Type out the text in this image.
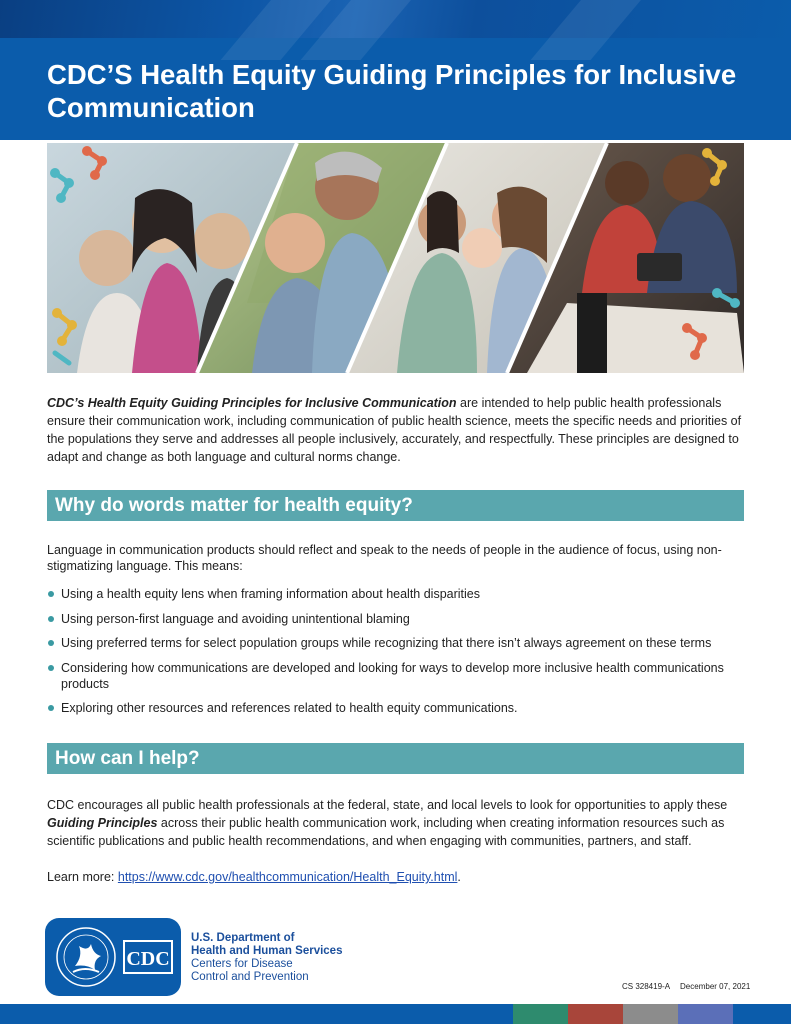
CDC’S Health Equity Guiding Principles for Inclusive Communication

CDC’s Health Equity Guiding Principles for Inclusive Communication are intended to help public health professionals ensure their communication work, including communication of public health science, meets the specific needs and priorities of the populations they serve and addresses all people inclusively, accurately, and respectfully. These principles are designed to adapt and change as both language and cultural norms change.

Why do words matter for health equity?

Language in communication products should reflect and speak to the needs of people in the audience of focus, using non-stigmatizing language. This means:

Using a health equity lens when framing information about health disparities
Using person-first language and avoiding unintentional blaming
Using preferred terms for select population groups while recognizing that there isn’t always agreement on these terms
Considering how communications are developed and looking for ways to develop more inclusive health communications products
Exploring other resources and references related to health equity communications.
How can I help?

CDC encourages all public health professionals at the federal, state, and local levels to look for opportunities to apply these Guiding Principles across their public health communication work, including when creating information resources such as scientific publications and public health recommendations, and when engaging with communities, partners, and staff.

Learn more: https://www.cdc.gov/healthcommunication/Health_Equity.html.

CDC
U.S. Department of
Health and Human Services
Centers for Disease
Control and Prevention
CS 328419-A December 07, 2021
